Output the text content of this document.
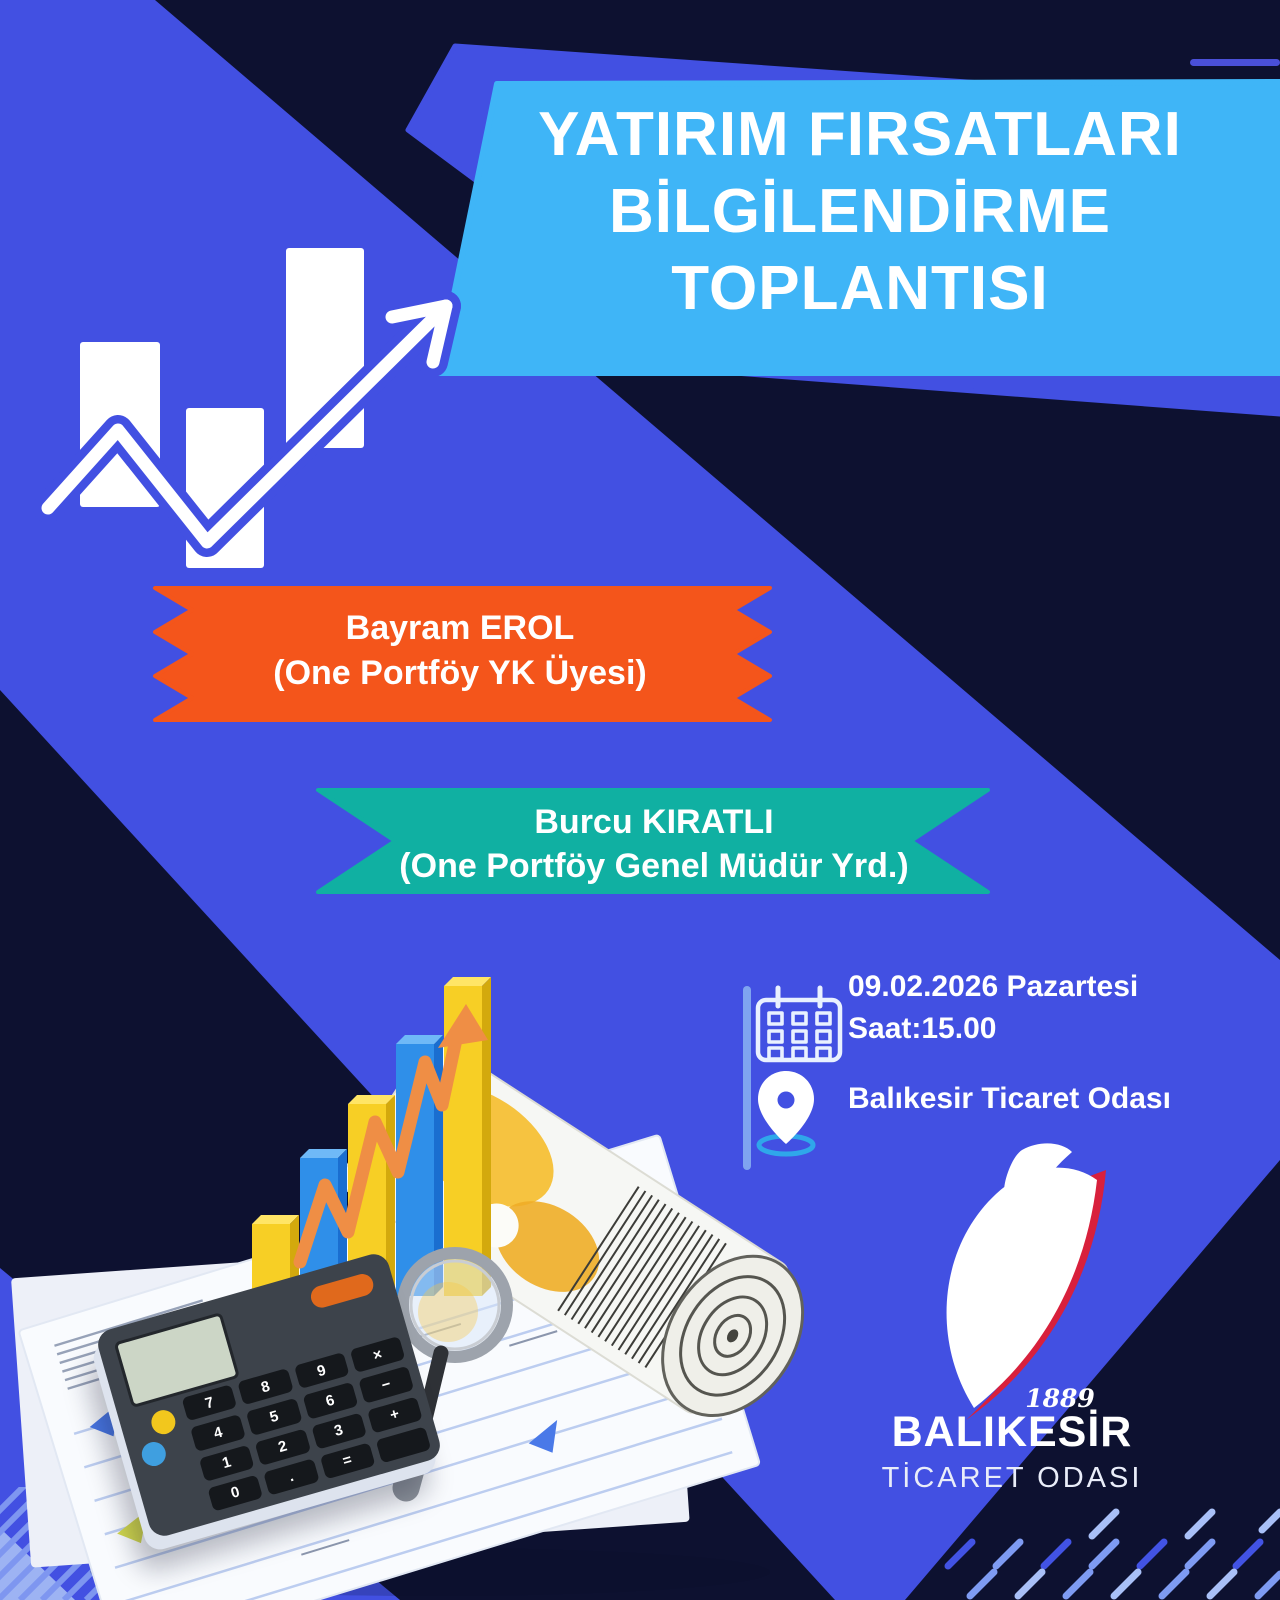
7
8
9
×
4
5
6
−
1
2
3
+
0
.
=
YATIRIM FIRSATLARI
BİLGİLENDİRME
TOPLANTISI
Bayram EROL
(One Portföy YK Üyesi)
Burcu KIRATLI
(One Portföy Genel Müdür Yrd.)
09.02.2026 Pazartesi
Saat:15.00
Balıkesir Ticaret Odası
1889
BALIKESİR
TİCARET ODASI
